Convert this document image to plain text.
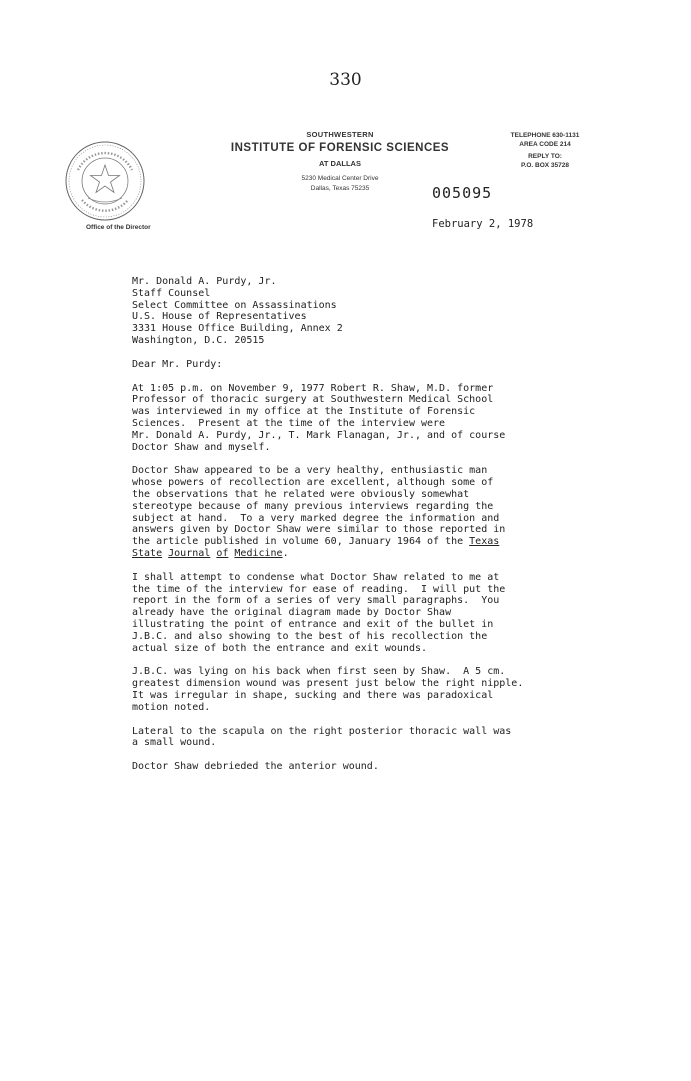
330
SOUTHWESTERN
INSTITUTE OF FORENSIC SCIENCES
AT DALLAS
5230 Medical Center Drive
Dallas, Texas 75235
TELEPHONE 630-1131
AREA CODE 214
REPLY TO:
P.O. BOX 35728
005095
Office of the Director	February 2, 1978
Mr. Donald A. Purdy, Jr.
Staff Counsel
Select Committee on Assassinations
U.S. House of Representatives
3331 House Office Building, Annex 2
Washington, D.C. 20515
Dear Mr. Purdy:
At 1:05 p.m. on November 9, 1977 Robert R. Shaw, M.D. former
Professor of thoracic surgery at Southwestern Medical School
was interviewed in my office at the Institute of Forensic
Sciences.  Present at the time of the interview were
Mr. Donald A. Purdy, Jr., T. Mark Flanagan, Jr., and of course
Doctor Shaw and myself.
Doctor Shaw appeared to be a very healthy, enthusiastic man
whose powers of recollection are excellent, although some of
the observations that he related were obviously somewhat
stereotype because of many previous interviews regarding the
subject at hand.  To a very marked degree the information and
answers given by Doctor Shaw were similar to those reported in
the article published in volume 60, January 1964 of the Texas
State Journal of Medicine.
I shall attempt to condense what Doctor Shaw related to me at
the time of the interview for ease of reading.  I will put the
report in the form of a series of very small paragraphs.  You
already have the original diagram made by Doctor Shaw
illustrating the point of entrance and exit of the bullet in
J.B.C. and also showing to the best of his recollection the
actual size of both the entrance and exit wounds.
J.B.C. was lying on his back when first seen by Shaw.  A 5 cm.
greatest dimension wound was present just below the right nipple.
It was irregular in shape, sucking and there was paradoxical
motion noted.
Lateral to the scapula on the right posterior thoracic wall was
a small wound.
Doctor Shaw debrieded the anterior wound.
